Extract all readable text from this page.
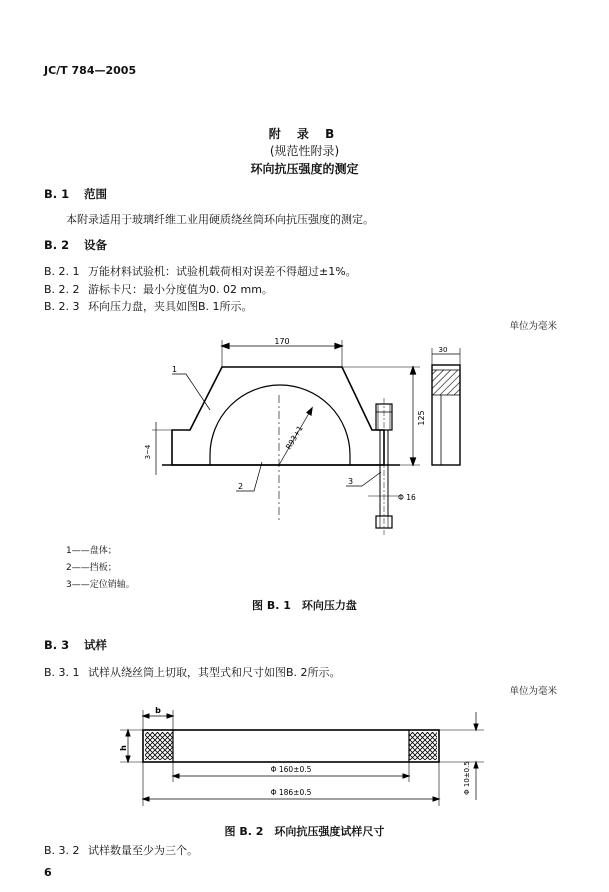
JC/T 784—2005
附 录 B
(规范性附录)
环向抗压强度的测定
B. 1 范围
本附录适用于玻璃纤维工业用硬质绕丝筒环向抗压强度的测定。
B. 2 设备
B. 2. 1 万能材料试验机：试验机载荷相对误差不得超过±1%。
B. 2. 2 游标卡尺：最小分度值为0. 02 mm。
B. 2. 3 环向压力盘，夹具如图B. 1所示。
单位为毫米
170
125
30
3~4
R93+1
Φ 16
1
2
3
1——盘体；
2——挡板；
3——定位销轴。
图 B. 1　环向压力盘
B. 3 试样
B. 3. 1 试样从绕丝筒上切取，其型式和尺寸如图B. 2所示。
单位为毫米
b
h
Φ 160±0.5
Φ 186±0.5	Φ 10±0.5
图 B. 2　环向抗压强度试样尺寸
B. 3. 2 试样数量至少为三个。
6
